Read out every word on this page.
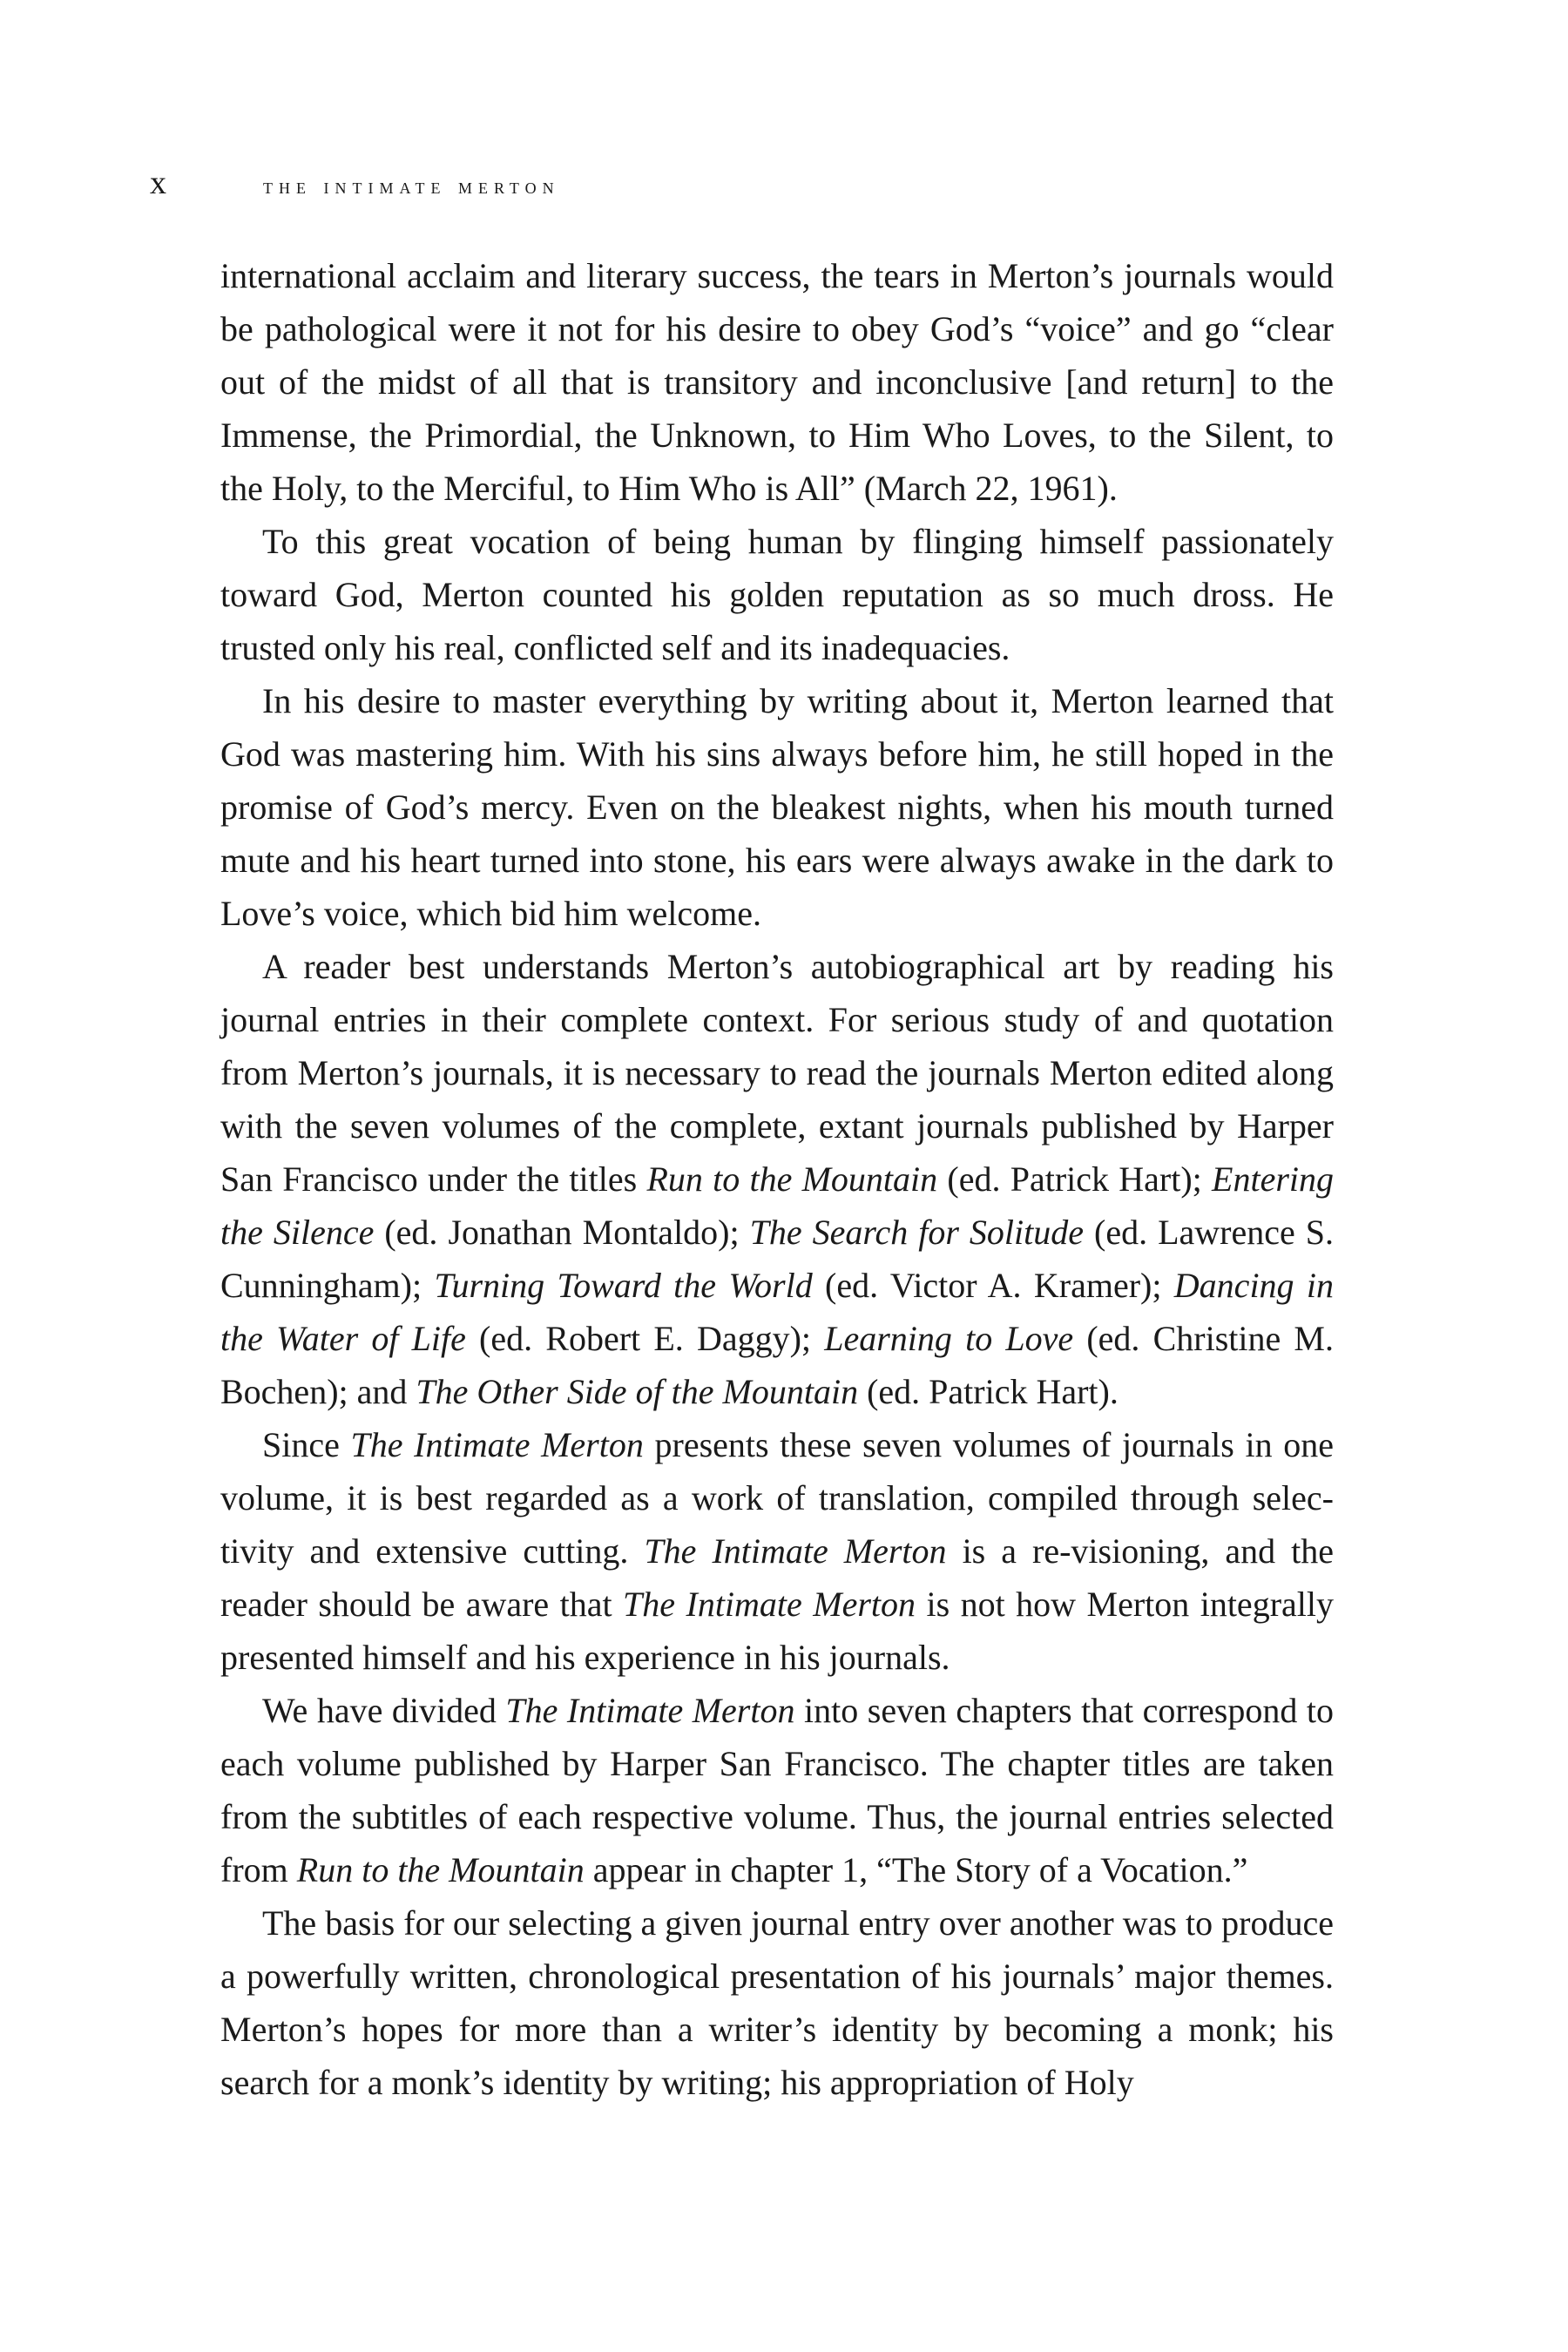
x	the intimate merton

international acclaim and literary success, the tears in Merton’s journals would be pathological were it not for his desire to obey God’s “voice” and go “clear out of the midst of all that is transitory and inconclusive [and return] to the Immense, the Primordial, the Unknown, to Him Who Loves, to the Silent, to the Holy, to the Merciful, to Him Who is All” (March 22, 1961).

To this great vocation of being human by flinging himself passionately toward God, Merton counted his golden reputation as so much dross. He trusted only his real, conflicted self and its inadequacies.

In his desire to master everything by writing about it, Merton learned that God was mastering him. With his sins always before him, he still hoped in the promise of God’s mercy. Even on the bleakest nights, when his mouth turned mute and his heart turned into stone, his ears were always awake in the dark to Love’s voice, which bid him welcome.

A reader best understands Merton’s autobiographical art by reading his journal entries in their complete context. For serious study of and quotation from Merton’s journals, it is necessary to read the journals Merton edited along with the seven volumes of the complete, extant journals published by Harper San Francisco under the titles Run to the Mountain (ed. Patrick Hart); Entering the Silence (ed. Jonathan Montaldo); The Search for Solitude (ed. Lawrence S. Cunningham); Turning Toward the World (ed. Victor A. Kramer); Dancing in the Water of Life (ed. Robert E. Daggy); Learning to Love (ed. Christine M. Bochen); and The Other Side of the Mountain (ed. Patrick Hart).

Since The Intimate Merton presents these seven volumes of journals in one volume, it is best regarded as a work of translation, compiled through selectivity and extensive cutting. The Intimate Merton is a re-visioning, and the reader should be aware that The Intimate Merton is not how Merton integrally presented himself and his experience in his journals.

We have divided The Intimate Merton into seven chapters that correspond to each volume published by Harper San Francisco. The chapter titles are taken from the subtitles of each respective volume. Thus, the journal entries selected from Run to the Mountain appear in chapter 1, “The Story of a Vocation.”

The basis for our selecting a given journal entry over another was to produce a powerfully written, chronological presentation of his journals’ major themes. Merton’s hopes for more than a writer’s identity by becoming a monk; his search for a monk’s identity by writing; his appropriation of Holy
